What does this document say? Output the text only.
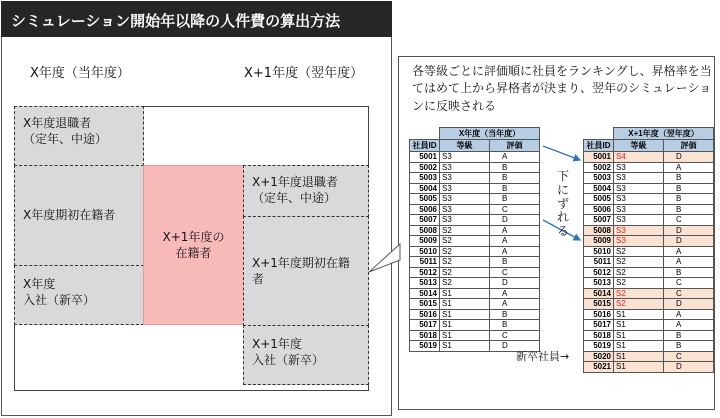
シミュレーション開始年以降の人件費の算出方法
X年度（当年度）	X+1年度（翌年度）
X年度退職者
（定年、中途）
X年度期初在籍者
X年度
入社（新卒）
X+1年度の
在籍者
X+1年度退職者
（定年、中途）
X+1年度期初在籍者
X+1年度
入社（新卒）
各等級ごとに評価順に社員をランキングし、昇格率を当てはめて上から昇格者が決まり、翌年のシミュレーションに反映される
	X年度（当年度）	
社員ID	等級	評価
5001	S3	A
5002	S3	B
5003	S3	B
5004	S3	B
5005	S3	B
5006	S3	C
5007	S3	D
5008	S2	A
5009	S2	A
5010	S2	A
5011	S2	B
5012	S2	C
5013	S2	D
5014	S1	A
5015	S1	A
5016	S1	B
5017	S1	B
5018	S1	C
5019	S1	D
	X+1年度（翌年度）	
社員ID	等級	評価
5001	S4	D
5002	S3	A
5003	S3	B
5004	S3	B
5005	S3	B
5006	S3	B
5007	S3	C
5008	S3	D
5009	S3	D
5010	S2	A
5011	S2	A
5012	S2	B
5013	S2	C
5014	S2	C
5015	S2	D
5016	S1	A
5017	S1	A
5018	S1	B
5019	S1	B
5020	S1	C
5021	S1	D
下にずれる
新卒社員→
